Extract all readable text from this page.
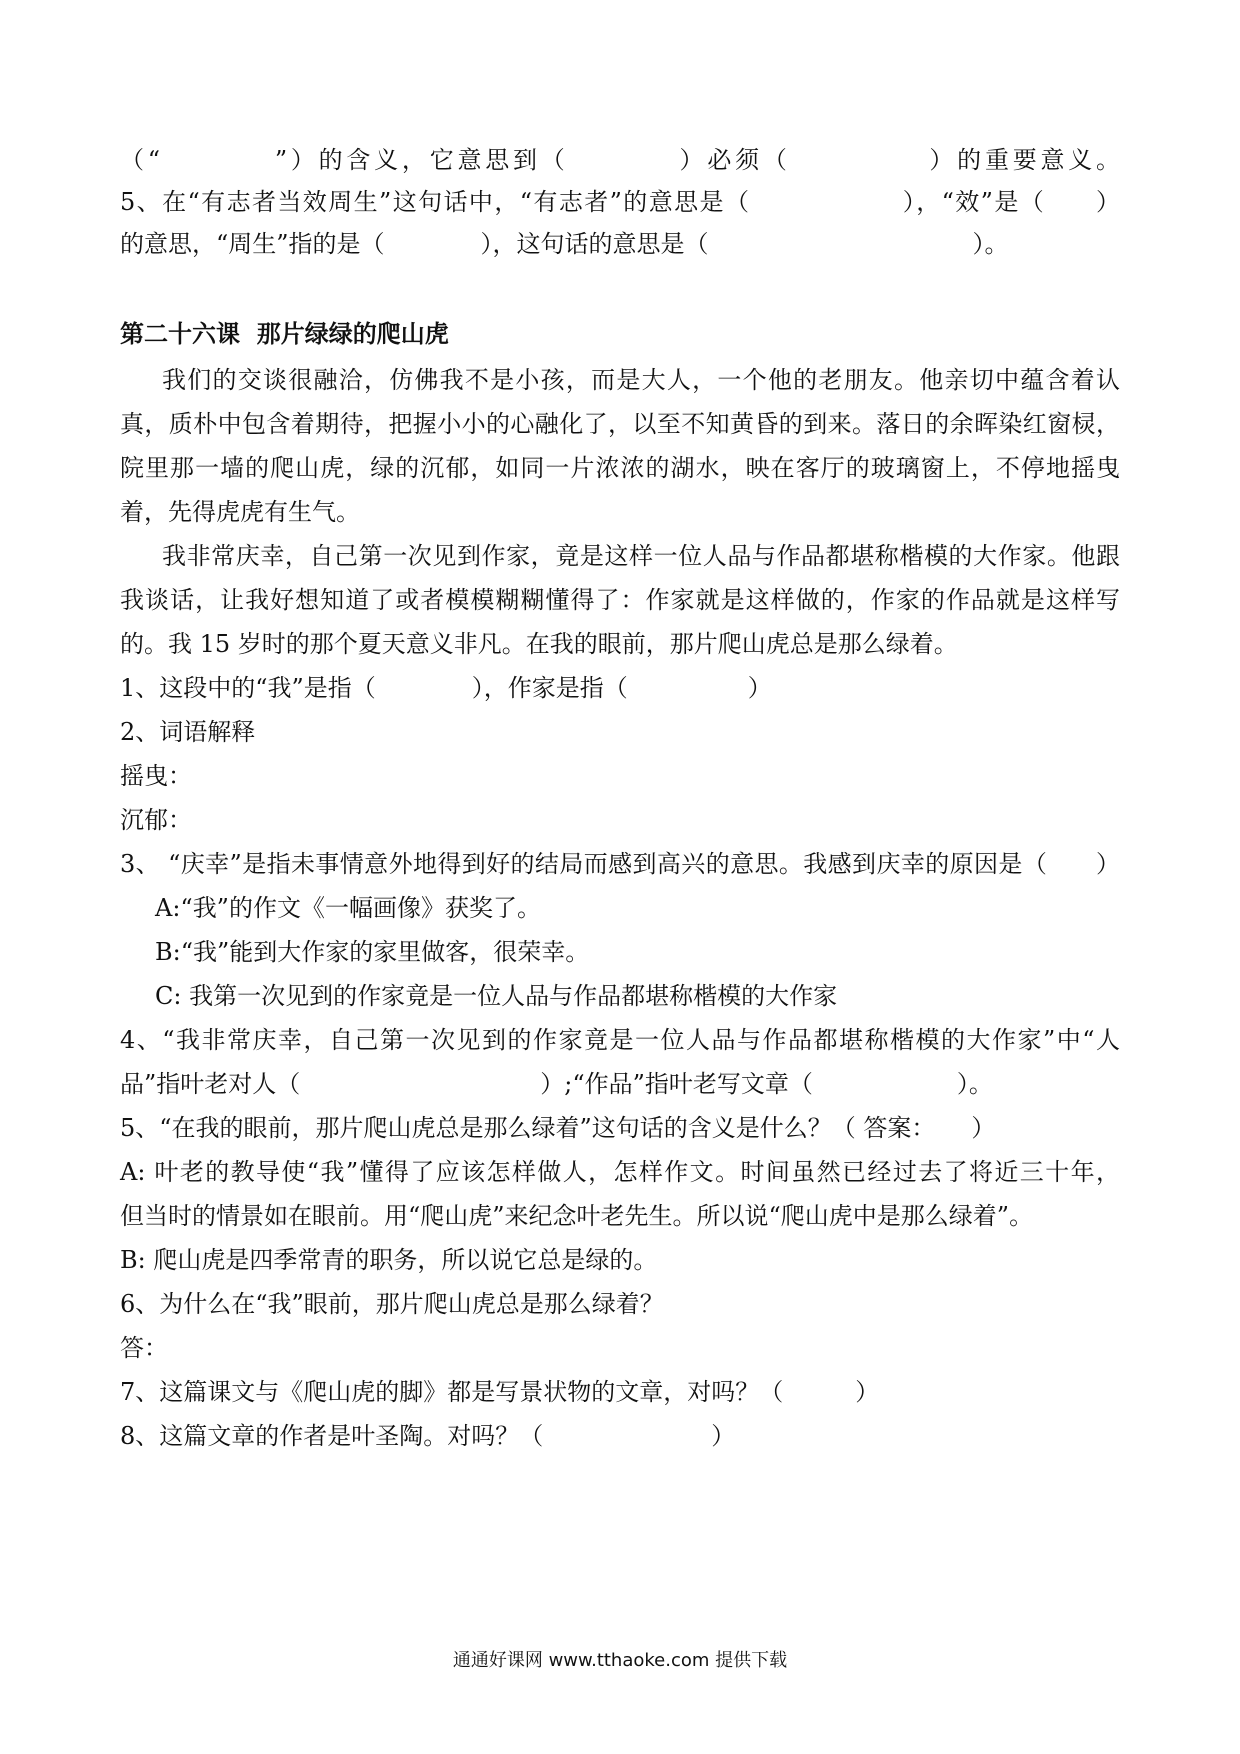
（“　　　　”）的含义，它意思到（　　　　）必须（　　　　　）的重要意义。
5、在“有志者当效周生”这句话中，“有志者”的意思是（　　　　　　），“效”是（　　）
的意思，“周生”指的是（　　　　），这句话的意思是（　　　　　　　　　　　）。
第二十六课  那片绿绿的爬山虎
我们的交谈很融洽，仿佛我不是小孩，而是大人，一个他的老朋友。他亲切中蕴含着认
真，质朴中包含着期待，把握小小的心融化了，以至不知黄昏的到来。落日的余晖染红窗棂，
院里那一墙的爬山虎，绿的沉郁，如同一片浓浓的湖水，映在客厅的玻璃窗上，不停地摇曳
着，先得虎虎有生气。
我非常庆幸，自己第一次见到作家，竟是这样一位人品与作品都堪称楷模的大作家。他跟
我谈话，让我好想知道了或者模模糊糊懂得了：作家就是这样做的，作家的作品就是这样写
的。我 15 岁时的那个夏天意义非凡。在我的眼前，那片爬山虎总是那么绿着。
1、这段中的“我”是指（　　　　），作家是指（　　　　　）
2、词语解释
摇曳：
沉郁：
3、 “庆幸”是指未事情意外地得到好的结局而感到高兴的意思。我感到庆幸的原因是（　　）
A:“我”的作文《一幅画像》获奖了。
B:“我”能到大作家的家里做客，很荣幸。
C: 我第一次见到的作家竟是一位人品与作品都堪称楷模的大作家
4、“我非常庆幸，自己第一次见到的作家竟是一位人品与作品都堪称楷模的大作家”中“人
品”指叶老对人（　　　　　　　　　　）;“作品”指叶老写文章（　　　　　　）。
5、“在我的眼前，那片爬山虎总是那么绿着”这句话的含义是什么？（ 答案：　　）
A: 叶老的教导使“我”懂得了应该怎样做人，怎样作文。时间虽然已经过去了将近三十年，
但当时的情景如在眼前。用“爬山虎”来纪念叶老先生。所以说“爬山虎中是那么绿着”。
B: 爬山虎是四季常青的职务，所以说它总是绿的。
6、为什么在“我”眼前，那片爬山虎总是那么绿着？
答：
7、这篇课文与《爬山虎的脚》都是写景状物的文章，对吗？（　　　）
8、这篇文章的作者是叶圣陶。对吗？（　　　　　　　）
通通好课网 www.tthaoke.com 提供下载
